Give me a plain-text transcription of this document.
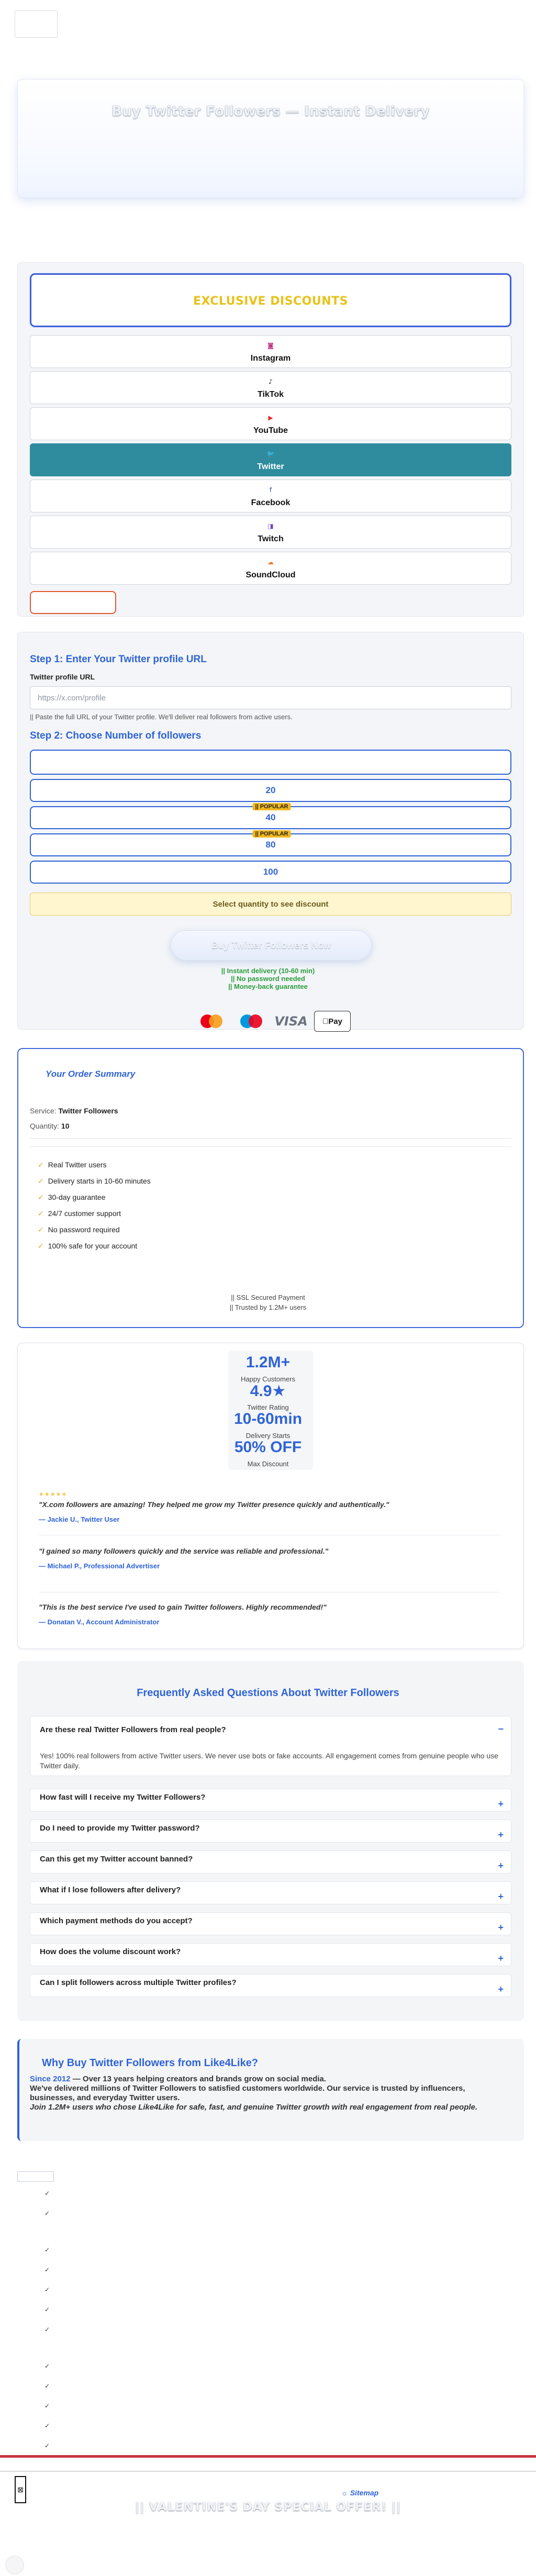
Buy Twitter Followers — Instant Delivery
EXCLUSIVE DISCOUNTS
◙
Instagram
♪
TikTok
▶
YouTube
🐦
Twitter
f
Facebook
◨
Twitch
☁
SoundCloud
Step 1: Enter Your Twitter profile URL
Twitter profile URL
https://x.com/profile
|| Paste the full URL of your Twitter profile. We'll deliver real followers from active users.
Step 2: Choose Number of followers
20
40
|| POPULAR
80
|| POPULAR
100
Select quantity to see discount
Buy Twitter Followers Now
|| Instant delivery (10-60 min)
|| No password needed
|| Money-back guarantee
VISA Pay
Your Order Summary
Service: Twitter Followers
Quantity: 10
✓ Real Twitter users
✓ Delivery starts in 10-60 minutes
✓ 30-day guarantee
✓ 24/7 customer support
✓ No password required
✓ 100% safe for your account
|| SSL Secured Payment
|| Trusted by 1.2M+ users
1.2M+
Happy Customers
4.9★
Twitter Rating
10-60min
Delivery Starts
50% OFF
Max Discount
★★★★★
"X.com followers are amazing! They helped me grow my Twitter presence quickly and authentically."
— Jackie U., Twitter User
"I gained so many followers quickly and the service was reliable and professional."
— Michael P., Professional Advertiser
"This is the best service I've used to gain Twitter followers. Highly recommended!"
— Donatan V., Account Administrator
Frequently Asked Questions About Twitter Followers
−
Are these real Twitter Followers from real people?
Yes! 100% real followers from active Twitter users. We never use bots or fake accounts. All engagement comes from genuine people who use Twitter daily.
+
How fast will I receive my Twitter Followers?
+
Do I need to provide my Twitter password?
+
Can this get my Twitter account banned?
+
What if I lose followers after delivery?
+
Which payment methods do you accept?
+
How does the volume discount work?
+
Can I split followers across multiple Twitter profiles?
Why Buy Twitter Followers from Like4Like?
Since 2012 — Over 13 years helping creators and brands grow on social media.
We've delivered millions of Twitter Followers to satisfied customers worldwide. Our service is trusted by influencers, businesses, and everyday Twitter users.
Join 1.2M+ users who chose Like4Like for safe, fast, and genuine Twitter growth with real engagement from real people.
✓
✓
✓
✓
✓
✓
✓
✓
✓
✓
✓
✓
⊠	☼ Sitemap
|| VALENTINE'S DAY SPECIAL OFFER! ||
